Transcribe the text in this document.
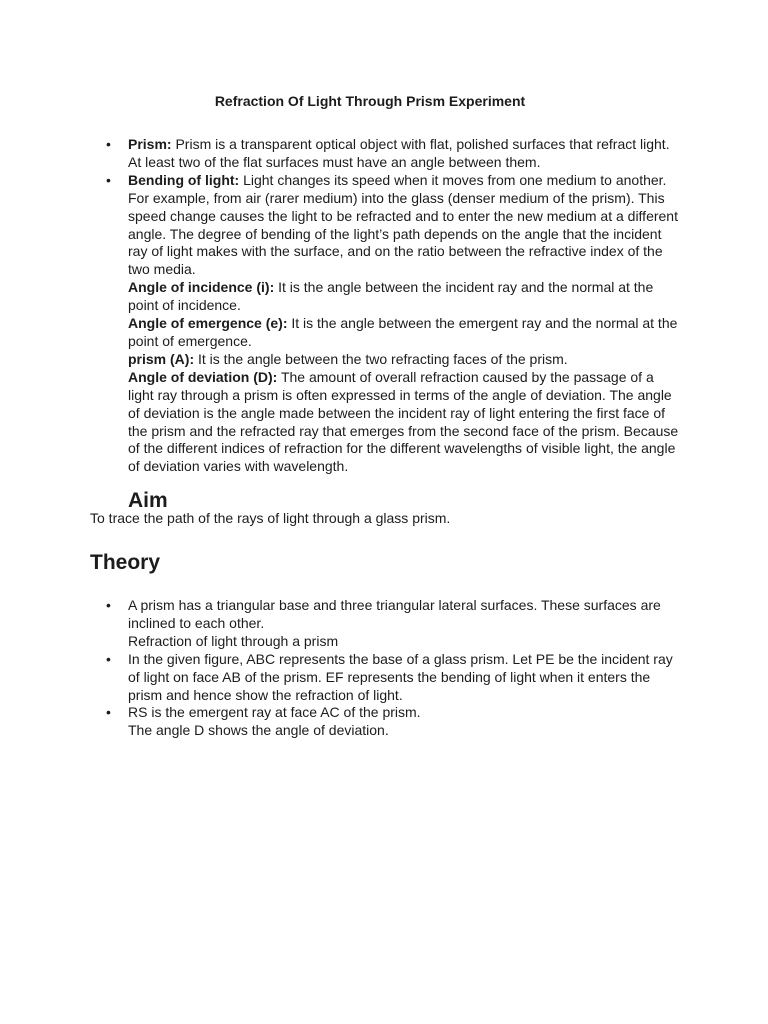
Refraction Of Light Through Prism Experiment
• Prism: Prism is a transparent optical object with flat, polished surfaces that refract light. At least two of the flat surfaces must have an angle between them.
• Bending of light: Light changes its speed when it moves from one medium to another. For example, from air (rarer medium) into the glass (denser medium of the prism). This speed change causes the light to be refracted and to enter the new medium at a different angle. The degree of bending of the light’s path depends on the angle that the incident ray of light makes with the surface, and on the ratio between the refractive index of the two media.
Angle of incidence (i): It is the angle between the incident ray and the normal at the point of incidence.
Angle of emergence (e): It is the angle between the emergent ray and the normal at the point of emergence.
prism (A): It is the angle between the two refracting faces of the prism.
Angle of deviation (D): The amount of overall refraction caused by the passage of a light ray through a prism is often expressed in terms of the angle of deviation. The angle of deviation is the angle made between the incident ray of light entering the first face of the prism and the refracted ray that emerges from the second face of the prism. Because of the different indices of refraction for the different wavelengths of visible light, the angle of deviation varies with wavelength.
Aim

To trace the path of the rays of light through a glass prism.

Theory
• A prism has a triangular base and three triangular lateral surfaces. These surfaces are inclined to each other.
Refraction of light through a prism
• In the given figure, ABC represents the base of a glass prism. Let PE be the incident ray of light on face AB of the prism. EF represents the bending of light when it enters the prism and hence show the refraction of light.
• RS is the emergent ray at face AC of the prism.
The angle D shows the angle of deviation.
